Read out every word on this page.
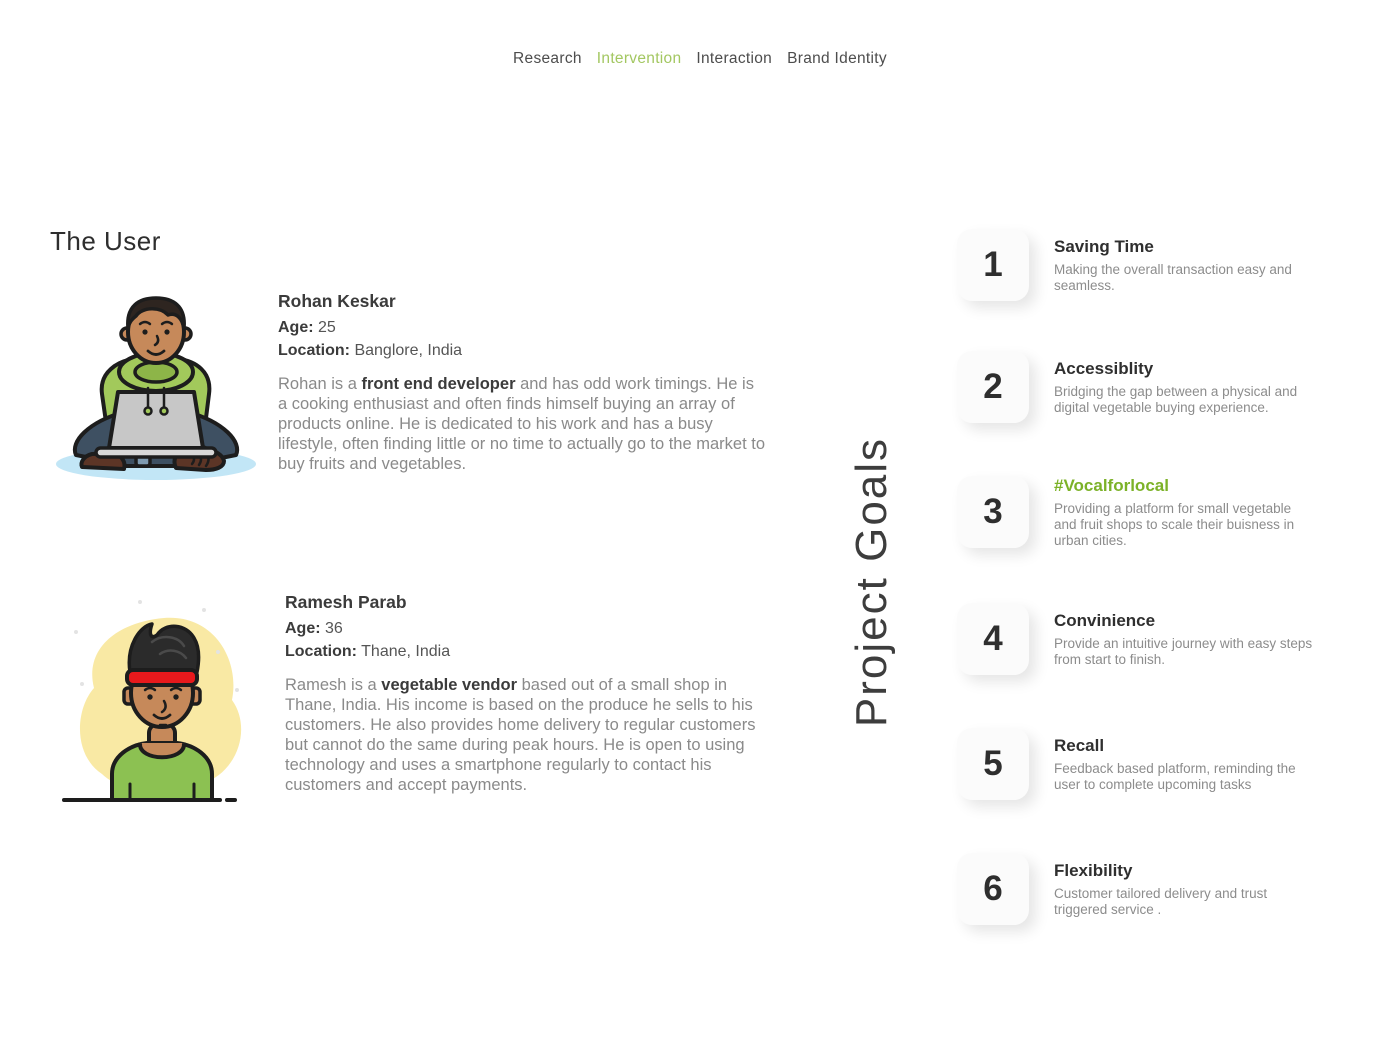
Research Intervention Interaction Brand Identity
The User
Rohan Keskar
Age: 25
Location: Banglore, India
Rohan is a front end developer and has odd work timings. He is a cooking enthusiast and often finds himself buying an array of products online. He is dedicated to his work and has a busy lifestyle, often finding little or no time to actually go to the market to buy fruits and vegetables.
Ramesh Parab
Age: 36
Location: Thane, India
Ramesh is a vegetable vendor based out of a small shop in Thane, India. His income is based on the produce he sells to his customers. He also provides home delivery to regular customers but cannot do the same during peak hours. He is open to using technology and uses a smartphone regularly to contact his customers and accept payments.
Project Goals
1	Saving Time
Making the overall transaction easy and seamless.
2	Accessiblity
Bridging the gap between a physical and digital vegetable buying experience.
3
#Vocalforlocal
Providing a platform for small vegetable and fruit shops to scale their buisness in urban cities.
4	Convinience
Provide an intuitive journey with easy steps from start to finish.
5	Recall
Feedback based platform, reminding the user to complete upcoming tasks
6	Flexibility
Customer tailored delivery and trust triggered service .
